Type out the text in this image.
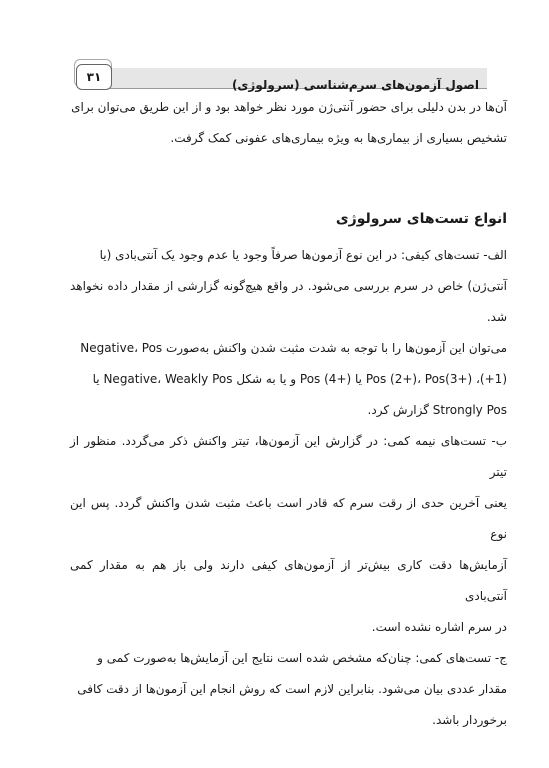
اصول آزمون‌های سرم‌شناسی (سرولوژی)
۳۱

آن‌ها در بدن دلیلی برای حضور آنتی‌ژن مورد نظر خواهد بود و از این طریق می‌توان برای

تشخیص بسیاری از بیماری‌ها به ویژه بیماری‌های عفونی کمک گرفت.

انواع تست‌های سرولوژی

الف- تست‌های کیفی: در این نوع آزمون‌ها صرفاً وجود یا عدم وجود یک آنتی‌بادی (یا

آنتی‌ژن) خاص در سرم بررسی می‌شود. در واقع هیچ‌گونه گزارشی از مقدار داده نخواهد شد.

می‌توان این آزمون‌ها را با توجه به شدت مثبت شدن واکنش به‌صورت Negative، Pos

(1+)، Pos (2+)، Pos(3+) یا Pos (4+) و یا به شکل Negative، Weakly Pos یا

Strongly Pos گزارش کرد.

ب- تست‌های نیمه کمی: در گزارش این آزمون‌ها، تیتر واکنش ذکر می‌گردد. منظور از تیتر

یعنی آخرین حدی از رقت سرم که قادر است باعث مثبت شدن واکنش گردد. پس این نوع

آزمایش‌ها دقت کاری بیش‌تر از آزمون‌های کیفی دارند ولی باز هم به مقدار کمی آنتی‌بادی

در سرم اشاره نشده است.

ج- تست‌های کمی: چنان‌که مشخص شده است نتایج این آزمایش‌ها به‌صورت کمی و

مقدار عددی بیان می‌شود. بنابراین لازم است که روش انجام این آزمون‌ها از دقت کافی

برخوردار باشد.
